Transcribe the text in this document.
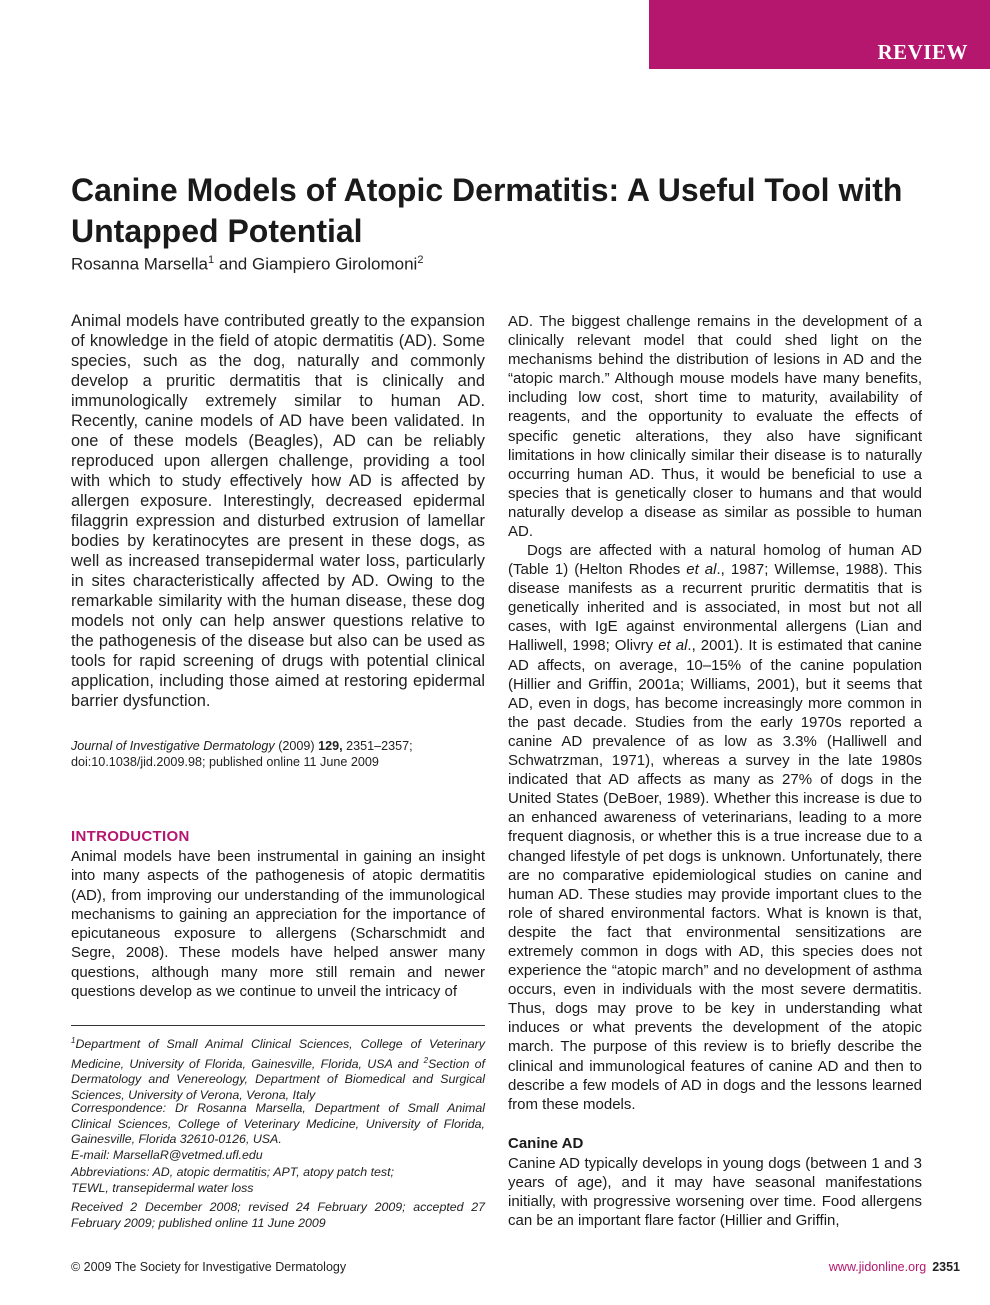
REVIEW
Canine Models of Atopic Dermatitis: A Useful Tool with Untapped Potential
Rosanna Marsella$^1$ and Giampiero Girolomoni$^2$

Animal models have contributed greatly to the expansion of knowledge in the field of atopic dermatitis (AD). Some species, such as the dog, naturally and commonly develop a pruritic dermatitis that is clinically and immunologically extremely similar to human AD. Recently, canine models of AD have been validated. In one of these models (Beagles), AD can be reliably reproduced upon allergen challenge, providing a tool with which to study effectively how AD is affected by allergen exposure. Interestingly, decreased epidermal filaggrin expression and disturbed extrusion of lamellar bodies by keratinocytes are present in these dogs, as well as increased transepidermal water loss, particularly in sites characteristically affected by AD. Owing to the remarkable similarity with the human disease, these dog models not only can help answer questions relative to the pathogenesis of the disease but also can be used as tools for rapid screening of drugs with potential clinical application, including those aimed at restoring epidermal barrier dysfunction.

Journal of Investigative Dermatology (2009) 129, 2351–2357;
doi:10.1038/jid.2009.98; published online 11 June 2009
INTRODUCTION

Animal models have been instrumental in gaining an insight into many aspects of the pathogenesis of atopic dermatitis (AD), from improving our understanding of the immunological mechanisms to gaining an appreciation for the importance of epicutaneous exposure to allergens (Scharschmidt and Segre, 2008). These models have helped answer many questions, although many more still remain and newer questions develop as we continue to unveil the intricacy of

$^1$Department of Small Animal Clinical Sciences, College of Veterinary Medicine, University of Florida, Gainesville, Florida, USA and $^2$Section of Dermatology and Venereology, Department of Biomedical and Surgical Sciences, University of Verona, Verona, Italy

Correspondence: Dr Rosanna Marsella, Department of Small Animal Clinical Sciences, College of Veterinary Medicine, University of Florida, Gainesville, Florida 32610-0126, USA.
E-mail: MarsellaR@vetmed.ufl.edu

Abbreviations: AD, atopic dermatitis; APT, atopy patch test;
TEWL, transepidermal water loss

Received 2 December 2008; revised 24 February 2009; accepted 27 February 2009; published online 11 June 2009

AD. The biggest challenge remains in the development of a clinically relevant model that could shed light on the mechanisms behind the distribution of lesions in AD and the “atopic march.” Although mouse models have many benefits, including low cost, short time to maturity, availability of reagents, and the opportunity to evaluate the effects of specific genetic alterations, they also have significant limitations in how clinically similar their disease is to naturally occurring human AD. Thus, it would be beneficial to use a species that is genetically closer to humans and that would naturally develop a disease as similar as possible to human AD.

Dogs are affected with a natural homolog of human AD (Table 1) (Helton Rhodes et al., 1987; Willemse, 1988). This disease manifests as a recurrent pruritic dermatitis that is genetically inherited and is associated, in most but not all cases, with IgE against environmental allergens (Lian and Halliwell, 1998; Olivry et al., 2001). It is estimated that canine AD affects, on average, 10–15% of the canine population (Hillier and Griffin, 2001a; Williams, 2001), but it seems that AD, even in dogs, has become increasingly more common in the past decade. Studies from the early 1970s reported a canine AD prevalence of as low as 3.3% (Halliwell and Schwatrzman, 1971), whereas a survey in the late 1980s indicated that AD affects as many as 27% of dogs in the United States (DeBoer, 1989). Whether this increase is due to an enhanced awareness of veterinarians, leading to a more frequent diagnosis, or whether this is a true increase due to a changed lifestyle of pet dogs is unknown. Unfortunately, there are no comparative epidemiological studies on canine and human AD. These studies may provide important clues to the role of shared environmental factors. What is known is that, despite the fact that environmental sensitizations are extremely common in dogs with AD, this species does not experience the “atopic march” and no development of asthma occurs, even in individuals with the most severe dermatitis. Thus, dogs may prove to be key in understanding what induces or what prevents the development of the atopic march. The purpose of this review is to briefly describe the clinical and immunological features of canine AD and then to describe a few models of AD in dogs and the lessons learned from these models.

Canine AD

Canine AD typically develops in young dogs (between 1 and 3 years of age), and it may have seasonal manifestations initially, with progressive worsening over time. Food allergens can be an important flare factor (Hillier and Griffin,

© 2009 The Society for Investigative Dermatology	www.jidonline.org 2351
